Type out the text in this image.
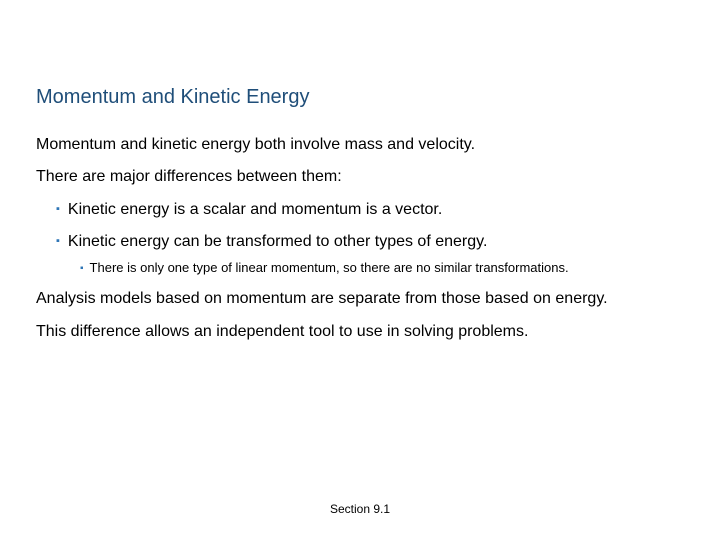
Momentum and Kinetic Energy
Momentum and kinetic energy both involve mass and velocity.
There are major differences between them:
▪ Kinetic energy is a scalar and momentum is a vector.
▪ Kinetic energy can be transformed to other types of energy.
▪ There is only one type of linear momentum, so there are no similar transformations.
Analysis models based on momentum are separate from those based on energy.
This difference allows an independent tool to use in solving problems.
Section 9.1
